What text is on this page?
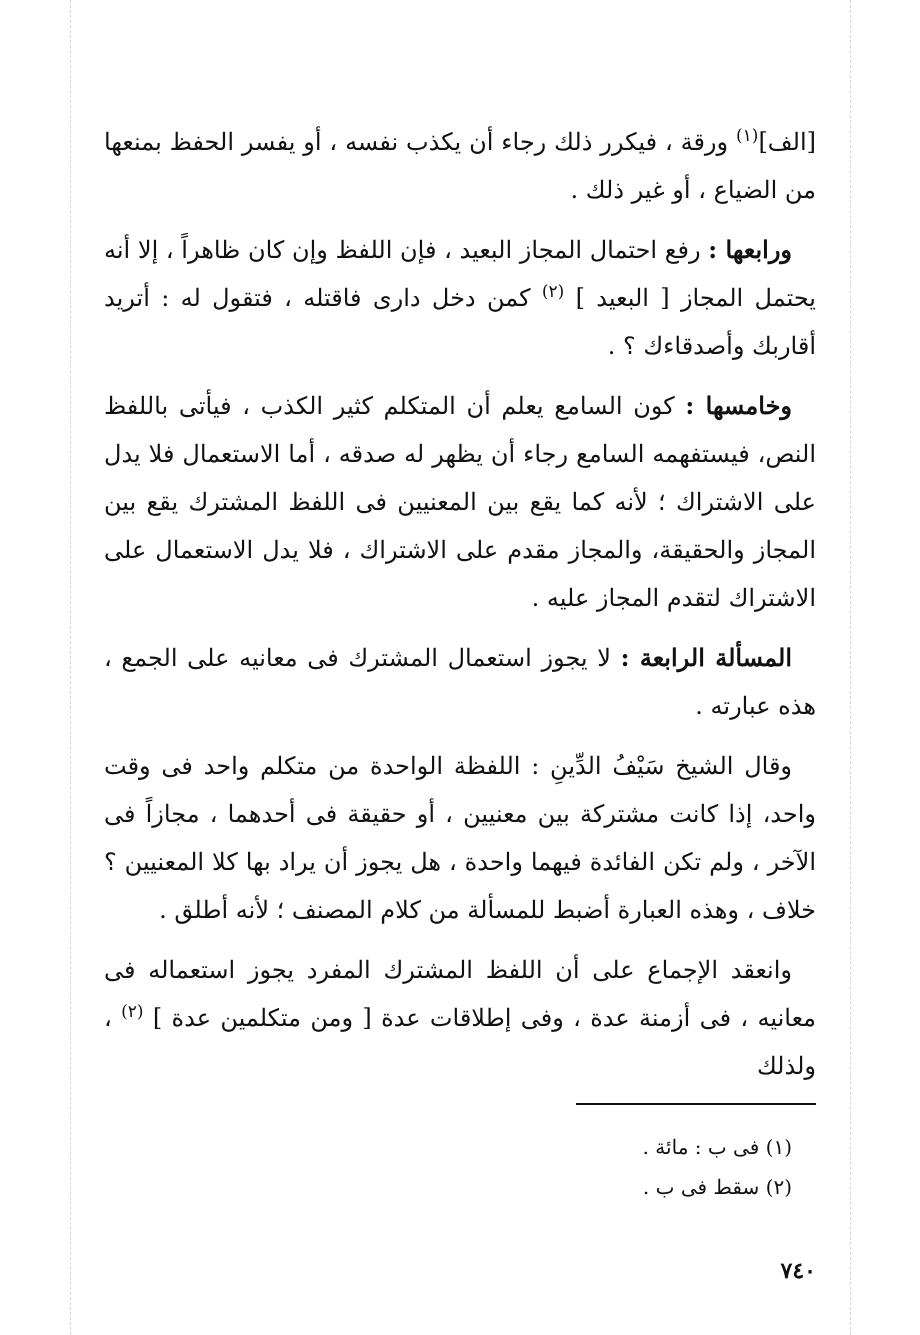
[الف]$^{(١)}$ ورقة ، فيكرر ذلك رجاء أن يكذب نفسه ، أو يفسر الحفظ بمنعها من الضياع ، أو غير ذلك .

ورابعها : رفع احتمال المجاز البعيد ، فإن اللفظ وإن كان ظاهراً ، إلا أنه يحتمل المجاز [ البعيد ] $^{(٢)}$ كمن دخل دارى فاقتله ، فتقول له : أتريد أقاربك وأصدقاءك ؟ .

وخامسها : كون السامع يعلم أن المتكلم كثير الكذب ، فيأتى باللفظ النص، فيستفهمه السامع رجاء أن يظهر له صدقه ، أما الاستعمال فلا يدل على الاشتراك ؛ لأنه كما يقع بين المعنيين فى اللفظ المشترك يقع بين المجاز والحقيقة، والمجاز مقدم على الاشتراك ، فلا يدل الاستعمال على الاشتراك لتقدم المجاز عليه .

المسألة الرابعة : لا يجوز استعمال المشترك فى معانيه على الجمع ، هذه عبارته .

وقال الشيخ سَيْفُ الدِّينِ : اللفظة الواحدة من متكلم واحد فى وقت واحد، إذا كانت مشتركة بين معنيين ، أو حقيقة فى أحدهما ، مجازاً فى الآخر ، ولم تكن الفائدة فيهما واحدة ، هل يجوز أن يراد بها كلا المعنيين ؟ خلاف ، وهذه العبارة أضبط للمسألة من كلام المصنف ؛ لأنه أطلق .

وانعقد الإجماع على أن اللفظ المشترك المفرد يجوز استعماله فى معانيه ، فى أزمنة عدة ، وفى إطلاقات عدة [ ومن متكلمين عدة ] $^{(٢)}$ ، ولذلك

(١) فى ب : مائة .
(٢) سقط فى ب .
٧٤٠
